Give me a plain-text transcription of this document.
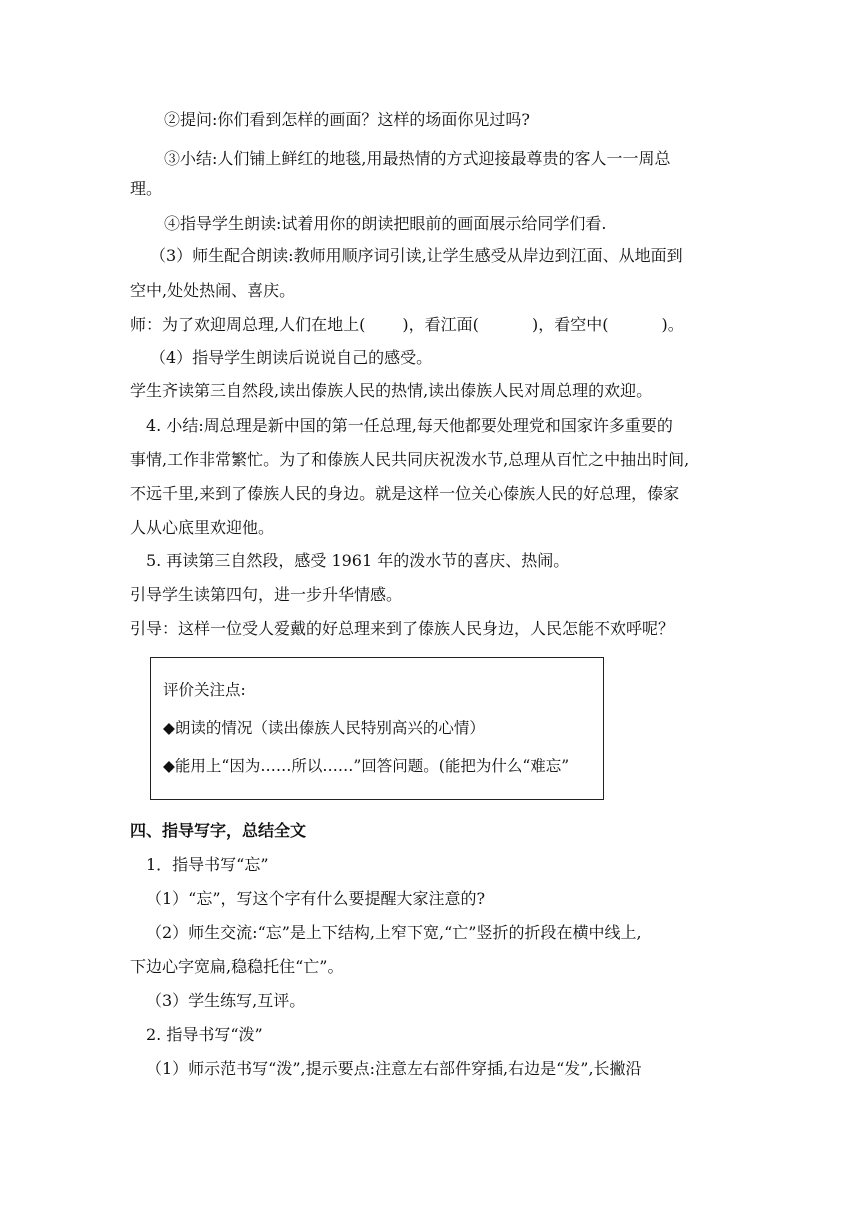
②提问:你们看到怎样的画面？这样的场面你见过吗?
③小结:人们铺上鲜红的地毯,用最热情的方式迎接最尊贵的客人一一周总
理。
④指导学生朗读:试着用你的朗读把眼前的画面展示给同学们看.
（3）师生配合朗读:教师用顺序词引读,让学生感受从岸边到江面、从地面到
空中,处处热闹、喜庆。
师：为了欢迎周总理,人们在地上(　　 )，看江面(　　　 )，看空中(　　　 )。
（4）指导学生朗读后说说自己的感受。
学生齐读第三自然段,读出傣族人民的热情,读出傣族人民对周总理的欢迎。
4. 小结:周总理是新中国的第一任总理,每天他都要处理党和国家许多重要的
事情,工作非常繁忙。为了和傣族人民共同庆祝泼水节,总理从百忙之中抽出时间,
不远千里,来到了傣族人民的身边。就是这样一位关心傣族人民的好总理，傣家
人从心底里欢迎他。
5. 再读第三自然段，感受 1961 年的泼水节的喜庆、热闹。
引导学生读第四句，进一步升华情感。
引导：这样一位受人爱戴的好总理来到了傣族人民身边，人民怎能不欢呼呢？
评价关注点:
◆朗读的情况（读出傣族人民特别高兴的心情）
◆能用上“因为……所以……”回答问题。(能把为什么“难忘”
四、指导写字，总结全文
1．指导书写“忘”
（1）“忘”，写这个字有什么要提醒大家注意的?
（2）师生交流:“忘”是上下结构,上窄下宽,“亡”竖折的折段在横中线上,
下边心字宽扁,稳稳托住“亡”。
（3）学生练写,互评。
2. 指导书写“泼”
（1）师示范书写“泼”,提示要点:注意左右部件穿插,右边是“发”,长撇沿
